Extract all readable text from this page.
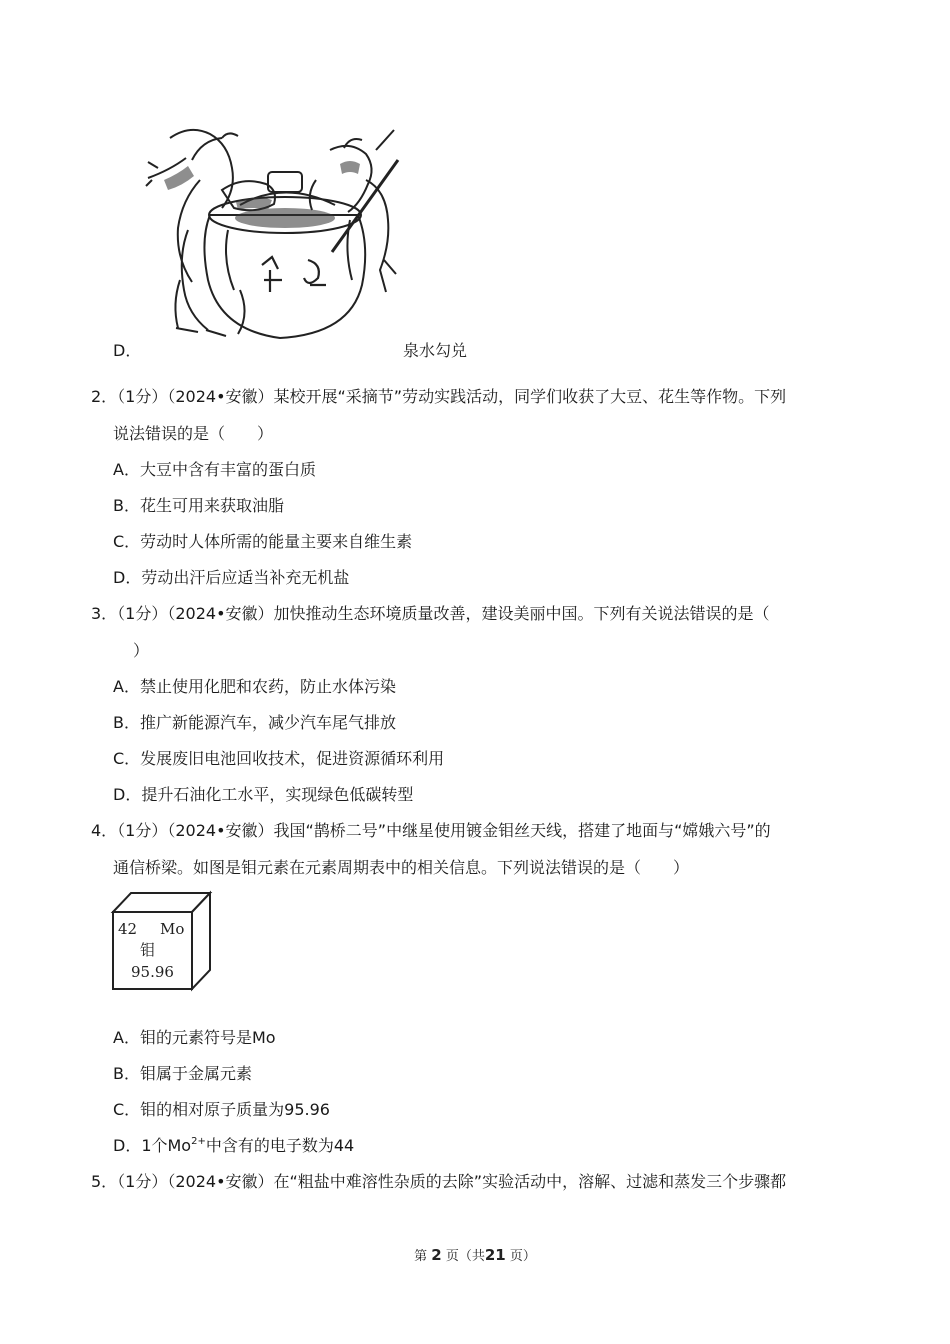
D．	泉水勾兑
2．（1分）（2024•安徽）某校开展“采摘节”劳动实践活动，同学们收获了大豆、花生等作物。下列
说法错误的是（　　）
A．大豆中含有丰富的蛋白质
B．花生可用来获取油脂
C．劳动时人体所需的能量主要来自维生素
D．劳动出汗后应适当补充无机盐
3．（1分）（2024•安徽）加快推动生态环境质量改善，建设美丽中国。下列有关说法错误的是（
）
A．禁止使用化肥和农药，防止水体污染
B．推广新能源汽车，减少汽车尾气排放
C．发展废旧电池回收技术，促进资源循环利用
D．提升石油化工水平，实现绿色低碳转型
4．（1分）（2024•安徽）我国“鹊桥二号”中继星使用镀金钼丝天线，搭建了地面与“嫦娥六号”的
通信桥梁。如图是钼元素在元素周期表中的相关信息。下列说法错误的是（　　）
42 Mo
钼
95.96
A．钼的元素符号是Mo
B．钼属于金属元素
C．钼的相对原子质量为95.96
D．1个$Mo^{2+}$中含有的电子数为44
5．（1分）（2024•安徽）在“粗盐中难溶性杂质的去除”实验活动中，溶解、过滤和蒸发三个步骤都
第 2 页（共21 页）
